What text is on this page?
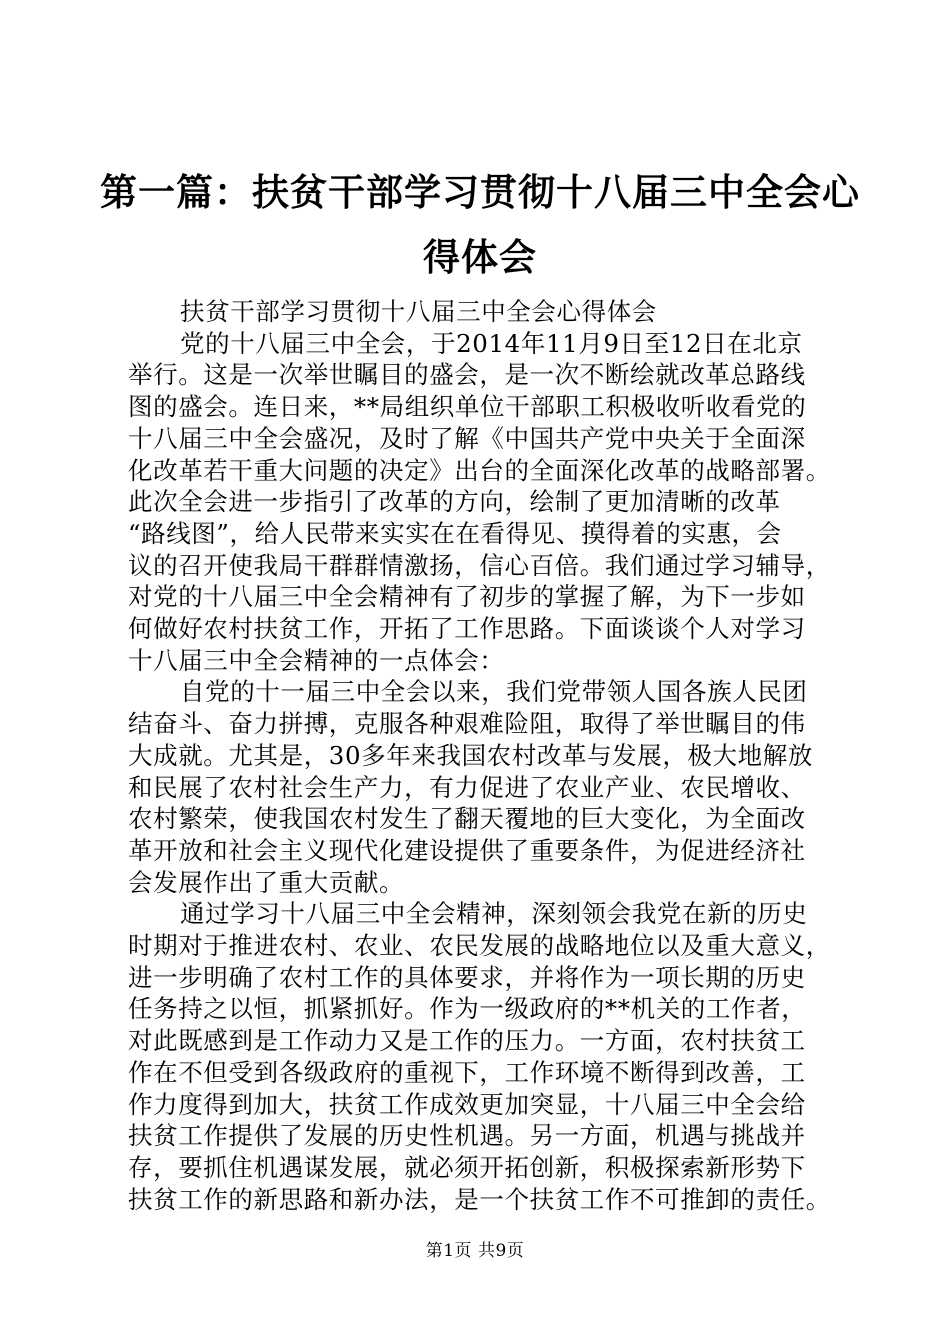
第一篇：扶贫干部学习贯彻十八届三中全会心
得体会
扶贫干部学习贯彻十八届三中全会心得体会
党的十八届三中全会，于2014年11月9日至12日在北京
举行。这是一次举世瞩目的盛会，是一次不断绘就改革总路线
图的盛会。连日来，**局组织单位干部职工积极收听收看党的
十八届三中全会盛况，及时了解《中国共产党中央关于全面深
化改革若干重大问题的决定》出台的全面深化改革的战略部署。
此次全会进一步指引了改革的方向，绘制了更加清晰的改革
“路线图”，给人民带来实实在在看得见、摸得着的实惠，会
议的召开使我局干群群情激扬，信心百倍。我们通过学习辅导，
对党的十八届三中全会精神有了初步的掌握了解，为下一步如
何做好农村扶贫工作，开拓了工作思路。下面谈谈个人对学习
十八届三中全会精神的一点体会：
自党的十一届三中全会以来，我们党带领人国各族人民团
结奋斗、奋力拼搏，克服各种艰难险阻，取得了举世瞩目的伟
大成就。尤其是，30多年来我国农村改革与发展，极大地解放
和民展了农村社会生产力，有力促进了农业产业、农民增收、
农村繁荣，使我国农村发生了翻天覆地的巨大变化，为全面改
革开放和社会主义现代化建设提供了重要条件，为促进经济社
会发展作出了重大贡献。
通过学习十八届三中全会精神，深刻领会我党在新的历史
时期对于推进农村、农业、农民发展的战略地位以及重大意义，
进一步明确了农村工作的具体要求，并将作为一项长期的历史
任务持之以恒，抓紧抓好。作为一级政府的**机关的工作者，
对此既感到是工作动力又是工作的压力。一方面，农村扶贫工
作在不但受到各级政府的重视下，工作环境不断得到改善，工
作力度得到加大，扶贫工作成效更加突显，十八届三中全会给
扶贫工作提供了发展的历史性机遇。另一方面，机遇与挑战并
存，要抓住机遇谋发展，就必须开拓创新，积极探索新形势下
扶贫工作的新思路和新办法，是一个扶贫工作不可推卸的责任。
第1页 共9页
